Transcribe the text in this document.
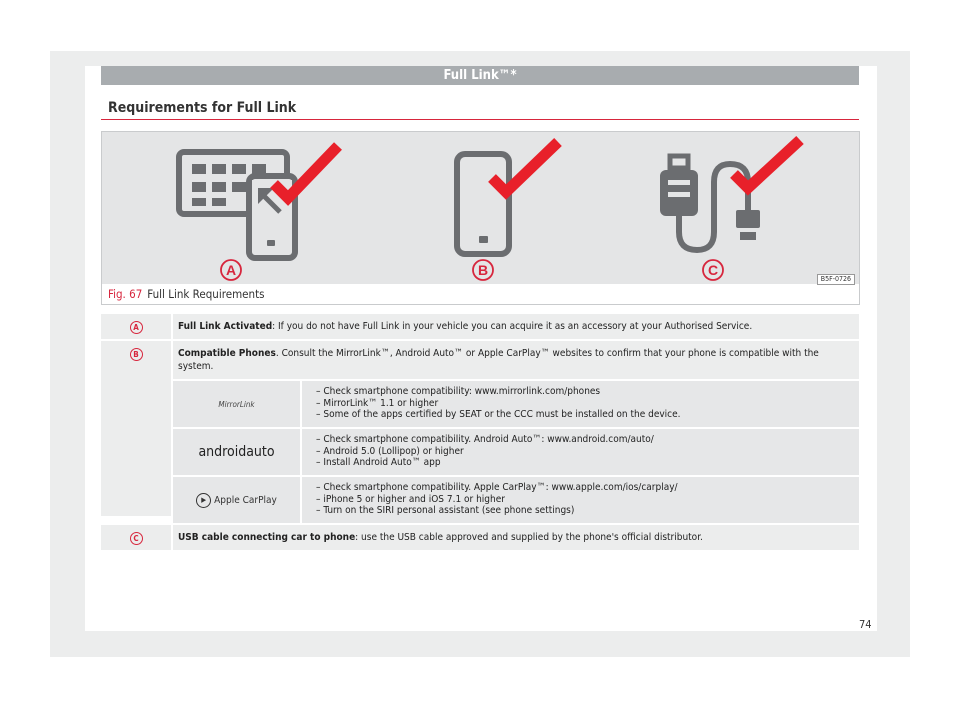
Full Link™*
Requirements for Full Link
A	B	C
B5F-0726
Fig. 67 Full Link Requirements
A	Full Link Activated: If you do not have Full Link in your vehicle you can acquire it as an accessory at your Authorised Service.
B	Compatible Phones. Consult the MirrorLink™, Android Auto™ or Apple CarPlay™ websites to confirm that your phone is compatible with the system.
MirrorLink
– Check smartphone compatibility: www.mirrorlink.com/phones
– MirrorLink™ 1.1 or higher
– Some of the apps certified by SEAT or the CCC must be installed on the device.
androidauto
– Check smartphone compatibility. Android Auto™: www.android.com/auto/
– Android 5.0 (Lollipop) or higher
– Install Android Auto™ app
▶ Apple CarPlay
– Check smartphone compatibility. Apple CarPlay™: www.apple.com/ios/carplay/
– iPhone 5 or higher and iOS 7.1 or higher
– Turn on the SIRI personal assistant (see phone settings)
C	USB cable connecting car to phone: use the USB cable approved and supplied by the phone's official distributor.
74
